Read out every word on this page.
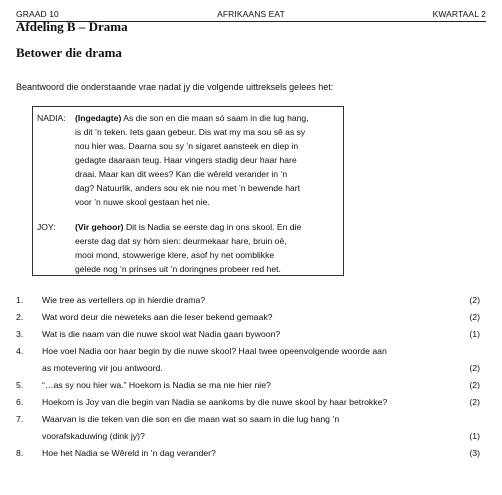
GRAAD 10	AFRIKAANS EAT	KWARTAAL 2
Afdeling B – Drama
Betower die drama
Beantwoord die onderstaande vrae nadat jy die volgende uittreksels gelees het:
NADIA: (Ingedagte) As die son en die maan só saam in die lug hang,
is dit ’n teken. Iets gaan gebeur. Dis wat my ma sou sê as sy
nou hier was. Daarna sou sy ’n sigaret aansteek en diep in
gedagte daaraan teug. Haar vingers stadig deur haar hare
draai. Maar kan dit wees? Kan die wêreld verander in ’n
dag? Natuurlik, anders sou ek nie nou met ’n bewende hart
voor ’n nuwe skool gestaan het nie.
JOY: (Vir gehoor) Dit is Nadia se eerste dag in ons skool. En die
eerste dag dat sy hóm sien: deurmekaar hare, bruin oë,
mooi mond, stowwerige klere, asof hy net oomblikke
gelede nog ’n prinses uit ’n doringnes probeer red het.
1. Wie tree as vertellers op in hierdie drama?	(2)
2. Wat word deur die neweteks aan die leser bekend gemaak?	(2)
3. Wat is die naam van die nuwe skool wat Nadia gaan bywoon?	(1)
4. Hoe voel Nadia oor haar begin by die nuwe skool? Haal twee opeenvolgende woorde aan
as motevering vir jou antwoord.	(2)
5. “…as sy nou hier wa.” Hoekom is Nadia se ma nie hier nie?	(2)
6. Hoekom is Joy van die begin van Nadia se aankoms by die nuwe skool by haar betrokke?	(2)
7. Waarvan is die teken van die son en die maan wat so saam in die lug hang ’n
voorafskaduwing (dink jy)?	(1)
8. Hoe het Nadia se Wêreld in ’n dag verander?	(3)
